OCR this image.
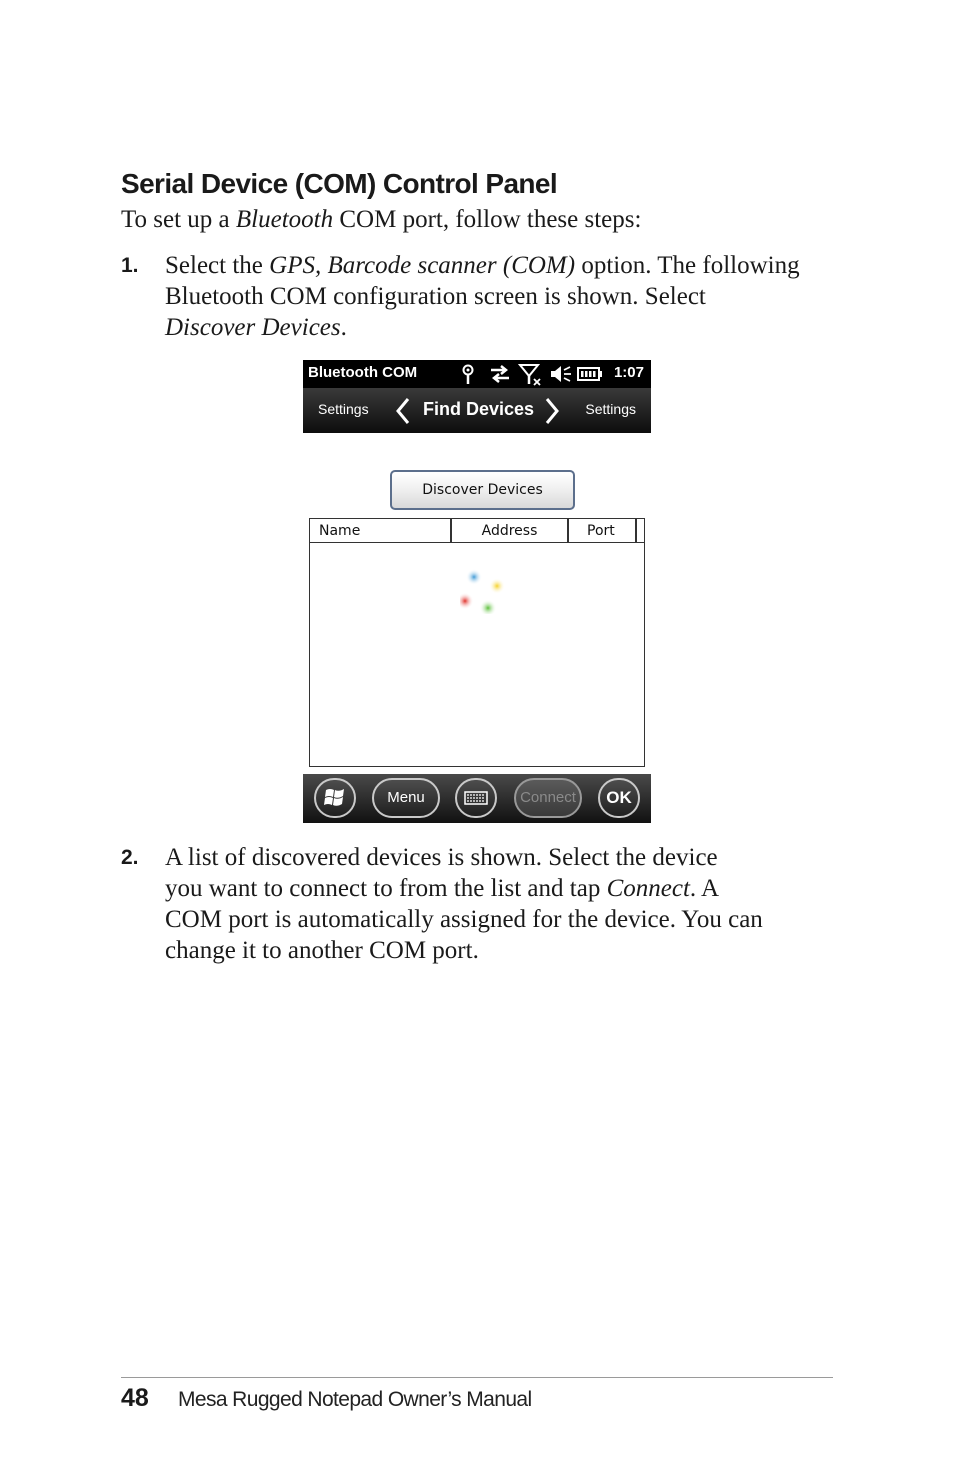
Serial Device (COM) Control Panel
To set up a Bluetooth COM port, follow these steps:
1. Select the GPS, Barcode scanner (COM) option. The following
Bluetooth COM configuration screen is shown. Select
Discover Devices.
Bluetooth COM	1:07
Settings	Find Devices	Settings
Discover Devices
Name	Address	Port
Menu	Connect	OK
2. A list of discovered devices is shown. Select the device
you want to connect to from the list and tap Connect. A
COM port is automatically assigned for the device. You can
change it to another COM port.
48 Mesa Rugged Notepad Owner’s Manual
